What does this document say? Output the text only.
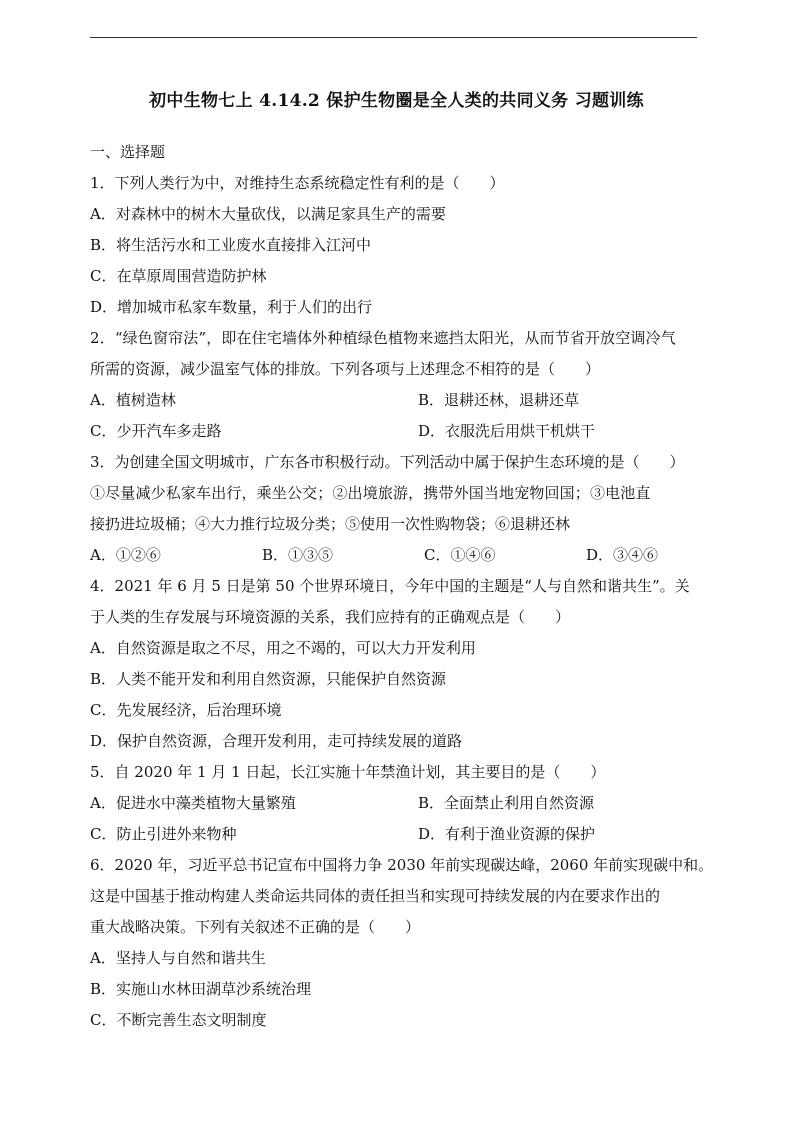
初中生物七上 4.14.2 保护生物圈是全人类的共同义务 习题训练
一、选择题
1．下列人类行为中，对维持生态系统稳定性有利的是（　　）
A．对森林中的树木大量砍伐，以满足家具生产的需要
B．将生活污水和工业废水直接排入江河中
C．在草原周围营造防护林
D．增加城市私家车数量，利于人们的出行
2．“绿色窗帘法”，即在住宅墙体外种植绿色植物来遮挡太阳光，从而节省开放空调冷气
所需的资源，减少温室气体的排放。下列各项与上述理念不相符的是（　　）
A．植树造林	B．退耕还林，退耕还草
C．少开汽车多走路	D．衣服洗后用烘干机烘干
3．为创建全国文明城市，广东各市积极行动。下列活动中属于保护生态环境的是（　　）
①尽量减少私家车出行，乘坐公交；②出境旅游，携带外国当地宠物回国；③电池直
接扔进垃圾桶；④大力推行垃圾分类；⑤使用一次性购物袋；⑥退耕还林
A．①②⑥	B．①③⑤	C．①④⑥	D．③④⑥
4．2021 年 6 月 5 日是第 50 个世界环境日，今年中国的主题是“人与自然和谐共生”。关
于人类的生存发展与环境资源的关系，我们应持有的正确观点是（　　）
A．自然资源是取之不尽，用之不竭的，可以大力开发利用
B．人类不能开发和利用自然资源，只能保护自然资源
C．先发展经济，后治理环境
D．保护自然资源，合理开发利用，走可持续发展的道路
5．自 2020 年 1 月 1 日起，长江实施十年禁渔计划，其主要目的是（　　）
A．促进水中藻类植物大量繁殖	B．全面禁止利用自然资源
C．防止引进外来物种	D．有利于渔业资源的保护
6．2020 年，习近平总书记宣布中国将力争 2030 年前实现碳达峰，2060 年前实现碳中和。
这是中国基于推动构建人类命运共同体的责任担当和实现可持续发展的内在要求作出的
重大战略决策。下列有关叙述不正确的是（　　）
A．坚持人与自然和谐共生
B．实施山水林田湖草沙系统治理
C．不断完善生态文明制度
